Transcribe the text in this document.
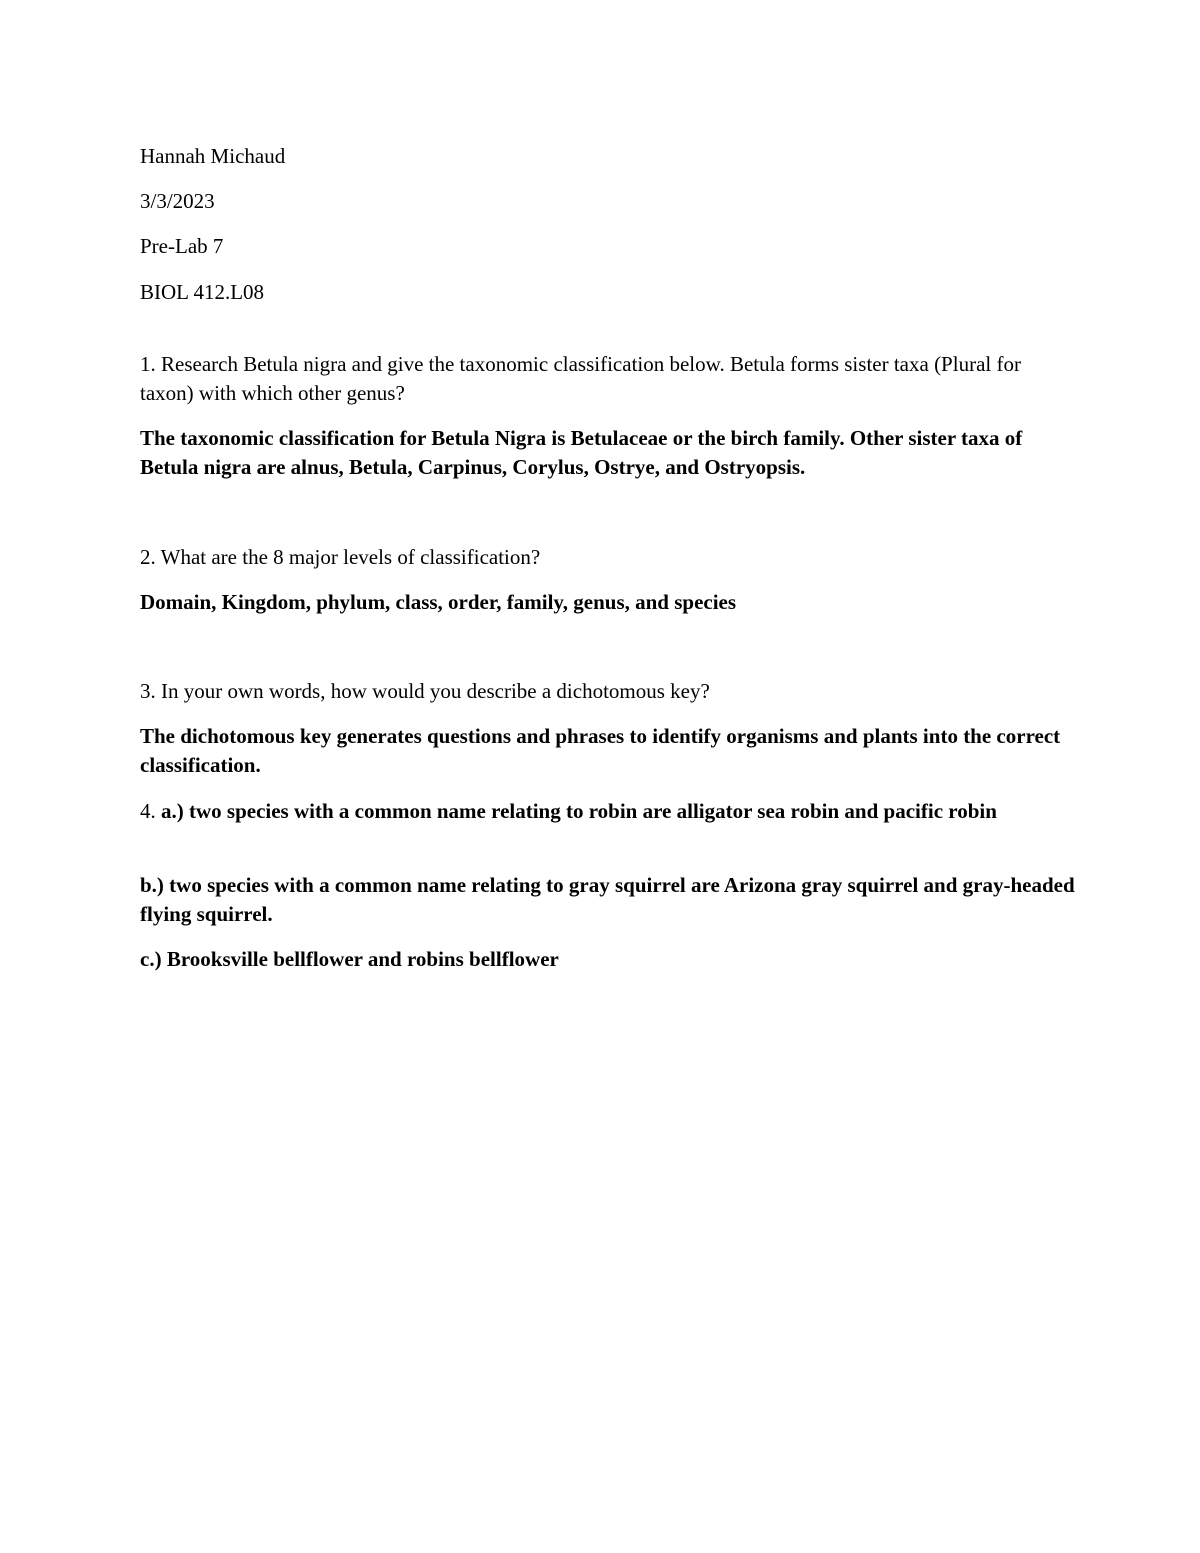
Hannah Michaud
3/3/2023
Pre-Lab 7
BIOL 412.L08

1. Research Betula nigra and give the taxonomic classification below. Betula forms sister taxa (Plural for taxon) with which other genus?

The taxonomic classification for Betula Nigra is Betulaceae or the birch family. Other sister taxa of Betula nigra are alnus, Betula, Carpinus, Corylus, Ostrye, and Ostryopsis.

2. What are the 8 major levels of classification?

Domain, Kingdom, phylum, class, order, family, genus, and species

3. In your own words, how would you describe a dichotomous key?

The dichotomous key generates questions and phrases to identify organisms and plants into the correct classification.

4. a.) two species with a common name relating to robin are alligator sea robin and pacific robin

b.) two species with a common name relating to gray squirrel are Arizona gray squirrel and gray-headed flying squirrel.

c.) Brooksville bellflower and robins bellflower
